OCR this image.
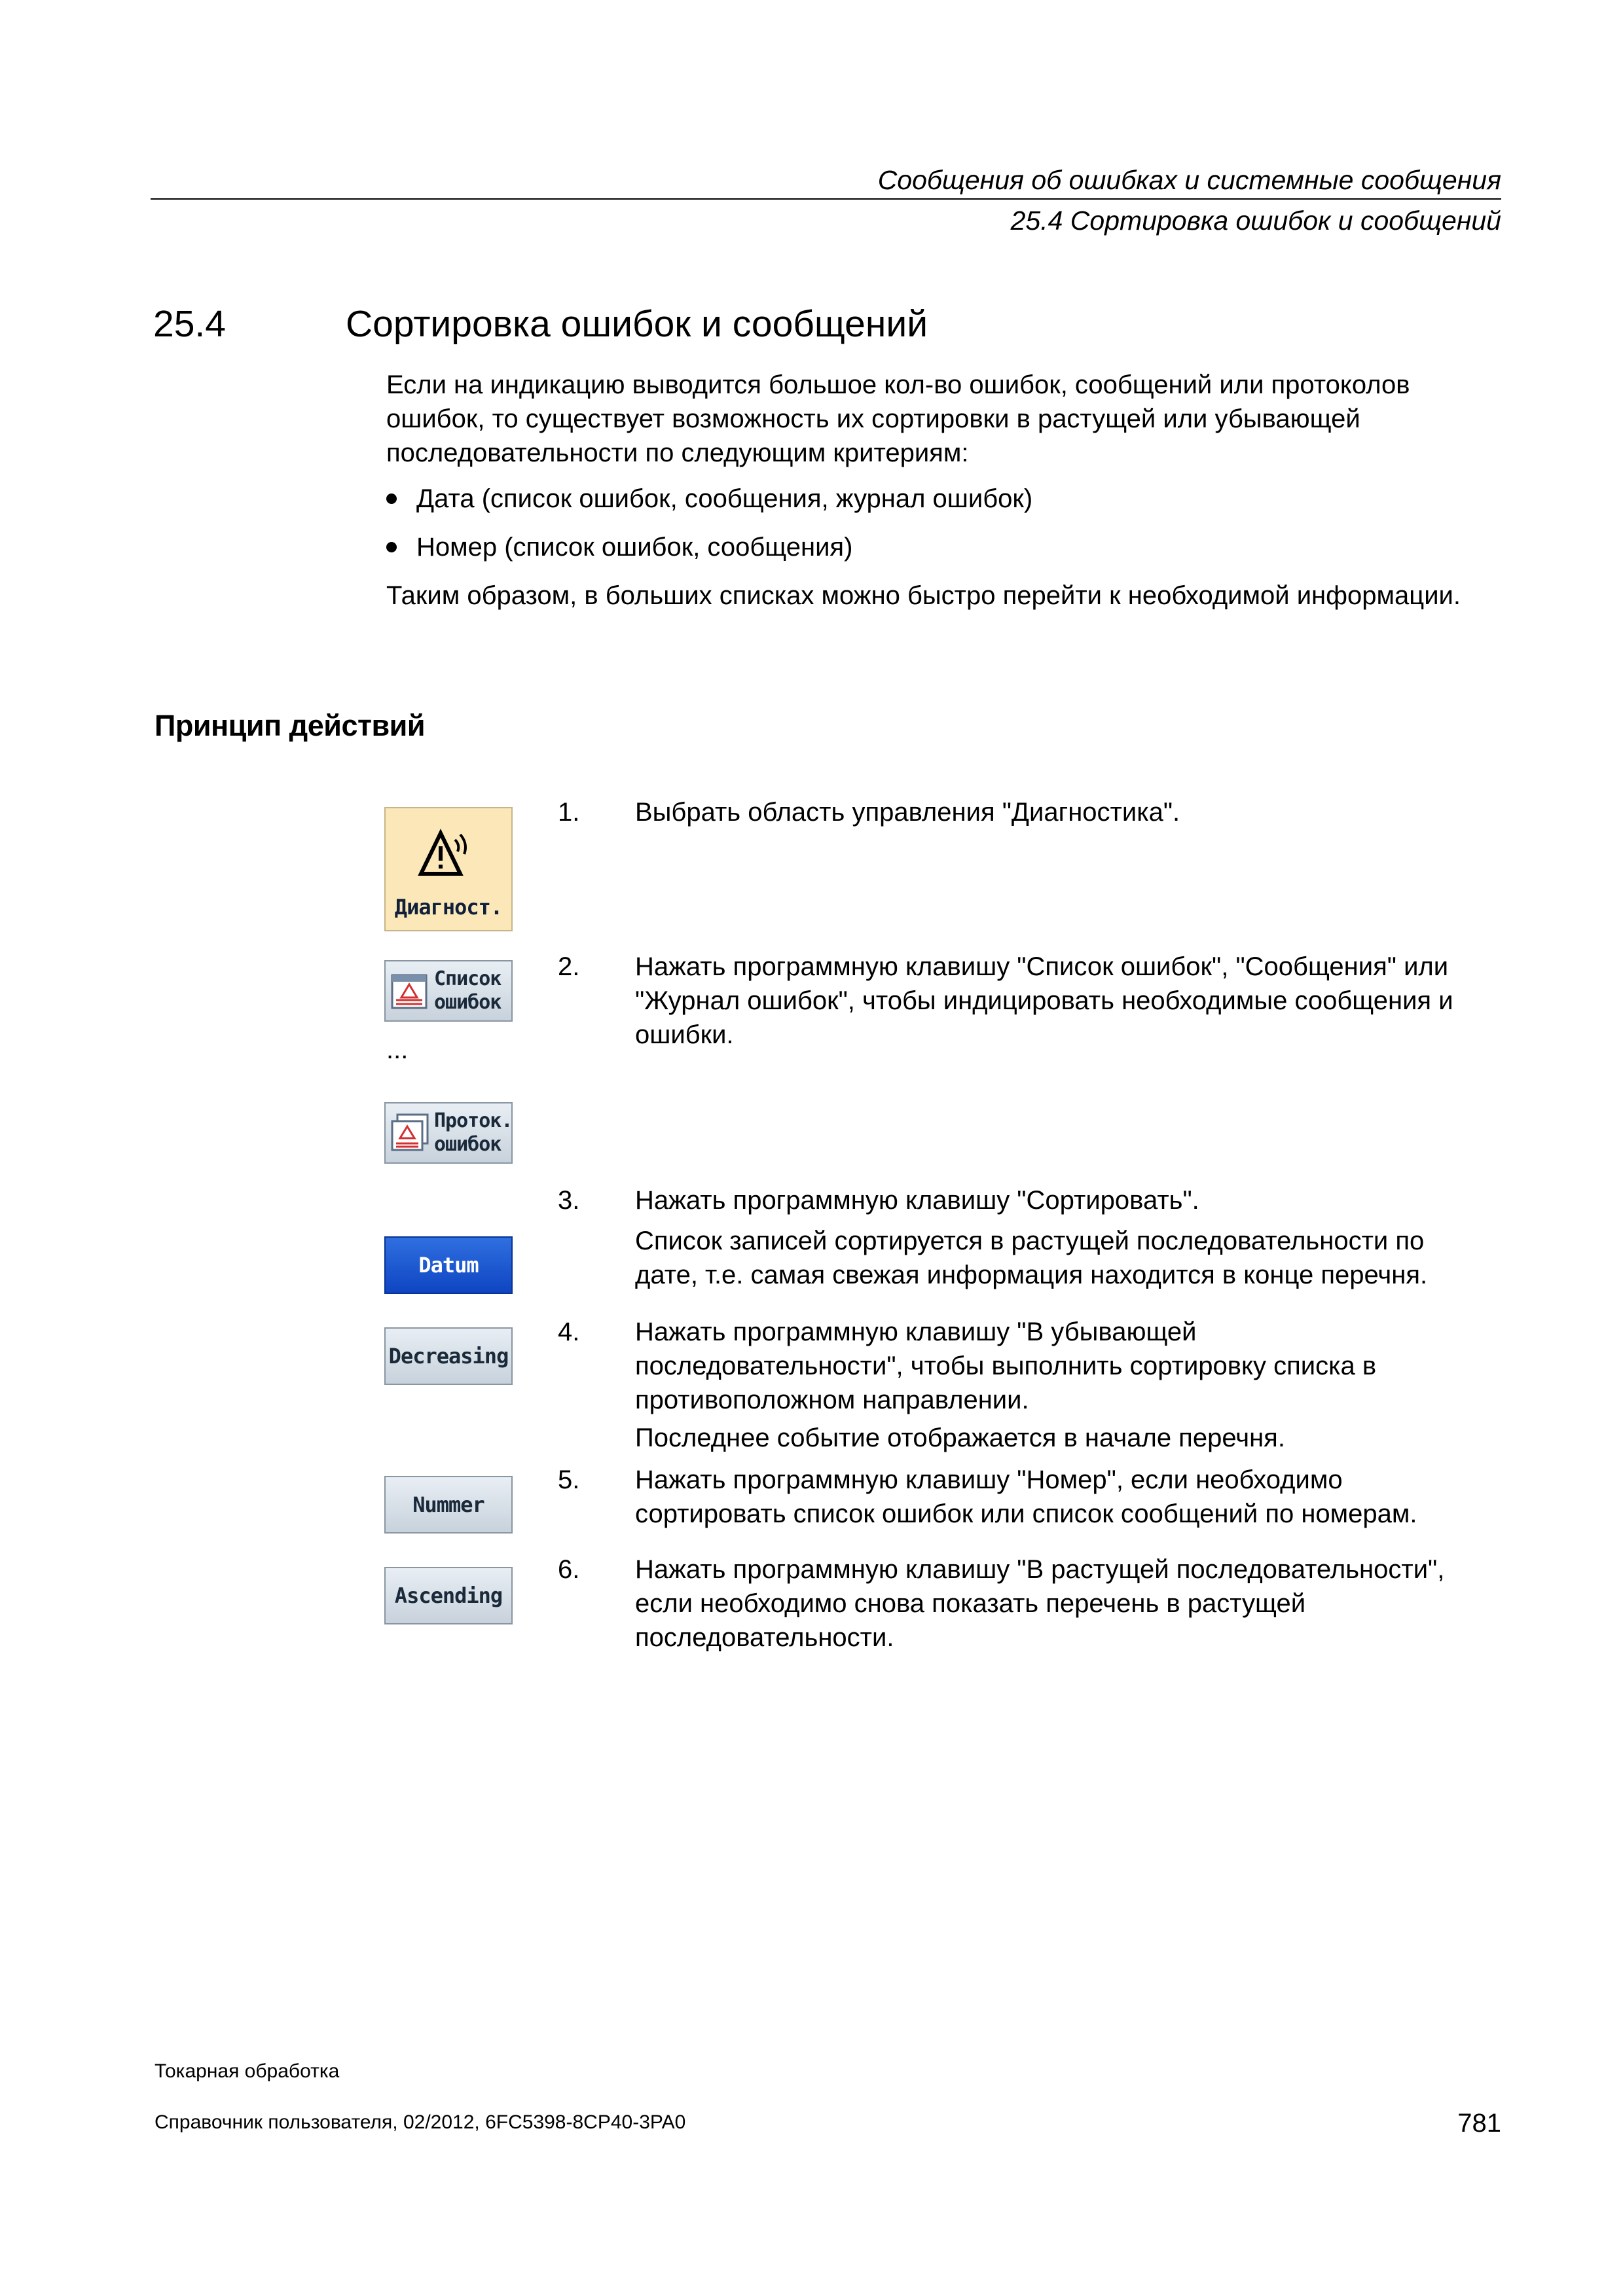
Сообщения об ошибках и системные сообщения
25.4 Сортировка ошибок и сообщений
25.4	Сортировка ошибок и сообщений
Если на индикацию выводится большое кол-во ошибок, сообщений или протоколов ошибок, то существует возможность их сортировки в растущей или убывающей последовательности по следующим критериям:
Дата (список ошибок, сообщения, журнал ошибок)
Номер (список ошибок, сообщения)
Таким образом, в больших списках можно быстро перейти к необходимой информации.
Принцип действий
Диагност.
Список
ошибок
...
Проток.
ошибок
Datum
Decreasing
Nummer
Ascending
1. Выбрать область управления "Диагностика".
2. Нажать программную клавишу "Список ошибок", "Сообщения" или "Журнал ошибок", чтобы индицировать необходимые сообщения и ошибки.
3. Нажать программную клавишу "Сортировать".
Список записей сортируется в растущей последовательности по дате, т.е. самая свежая информация находится в конце перечня.
4. Нажать программную клавишу "В убывающей последовательности", чтобы выполнить сортировку списка в противоположном направлении.
Последнее событие отображается в начале перечня.
5. Нажать программную клавишу "Номер", если необходимо сортировать список ошибок или список сообщений по номерам.
6. Нажать программную клавишу "В растущей последовательности", если необходимо снова показать перечень в растущей последовательности.
Токарная обработка
Справочник пользователя, 02/2012, 6FC5398-8CP40-3PA0	781
